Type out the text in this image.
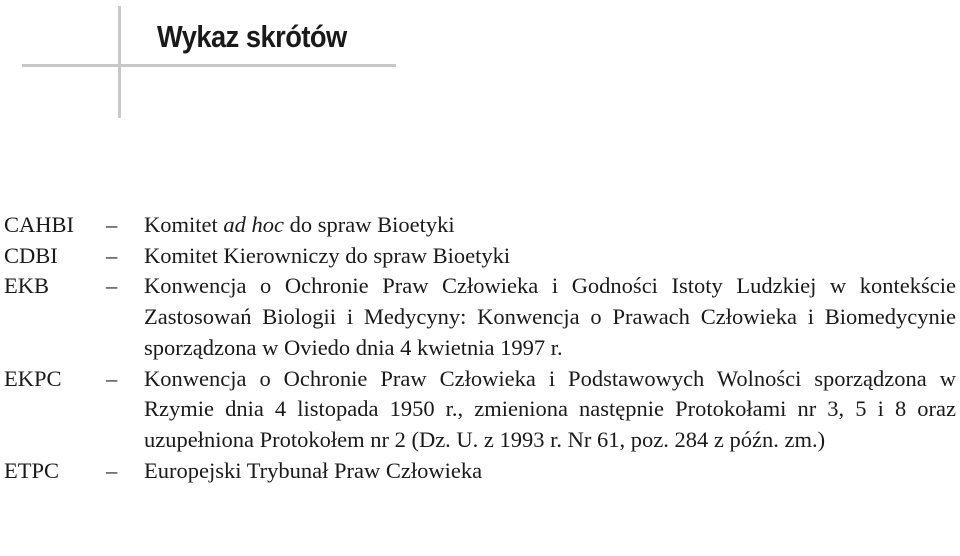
Wykaz skrótów
CAHBI	–	Komitet ad hoc do spraw Bioetyki
CDBI	–	Komitet Kierowniczy do spraw Bioetyki
EKB	–	Konwencja o Ochronie Praw Człowieka i Godności Istoty Ludzkiej w kontekście Zastosowań Biologii i Medycyny: Konwencja o Prawach Człowieka i Biomedycynie sporządzona w Oviedo dnia 4 kwietnia 1997 r.
EKPC	–	Konwencja o Ochronie Praw Człowieka i Podstawowych Wolności sporządzona w Rzymie dnia 4 listopada 1950 r., zmieniona następnie Protokołami nr 3, 5 i 8 oraz uzupełniona Protokołem nr 2 (Dz. U. z 1993 r. Nr 61, poz. 284 z późn. zm.)
ETPC	–	Europejski Trybunał Praw Człowieka
